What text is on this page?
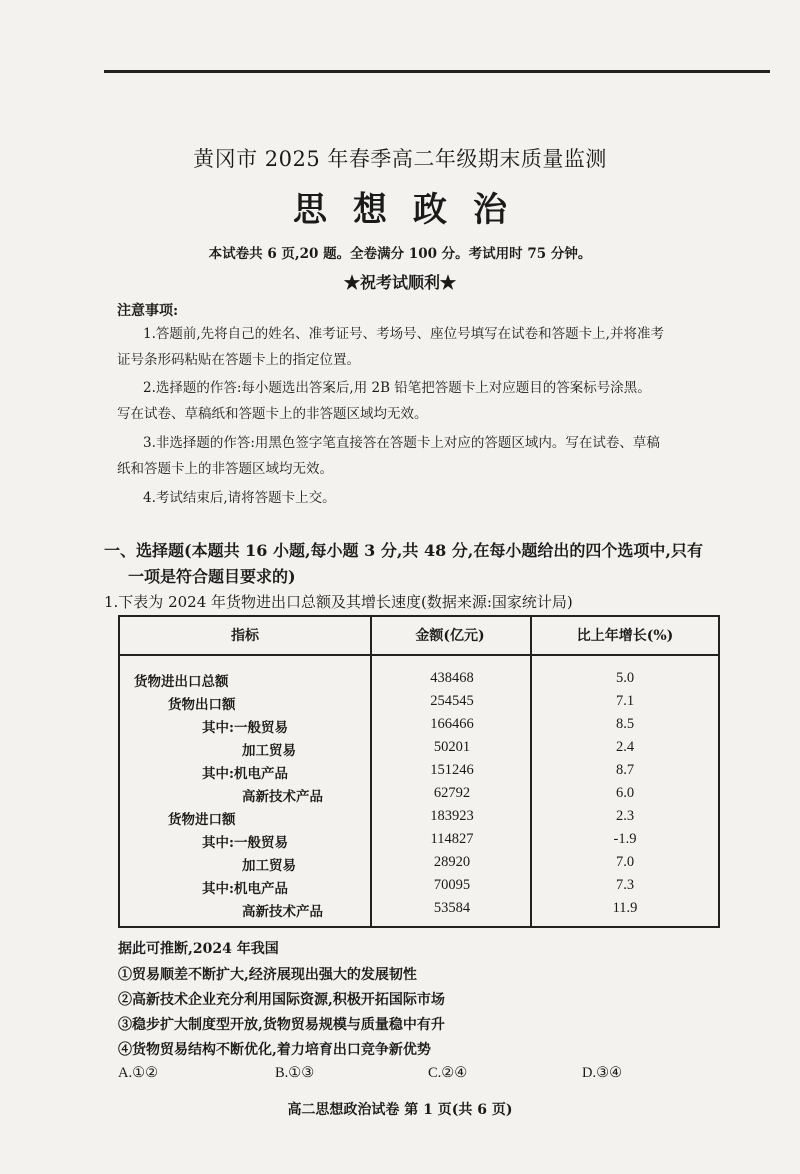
黄冈市 2025 年春季高二年级期末质量监测
思想政治
本试卷共 6 页,20 题。全卷满分 100 分。考试用时 75 分钟。
★祝考试顺利★
注意事项:
1.答题前,先将自己的姓名、准考证号、考场号、座位号填写在试卷和答题卡上,并将准考
证号条形码粘贴在答题卡上的指定位置。
2.选择题的作答:每小题选出答案后,用 2B 铅笔把答题卡上对应题目的答案标号涂黑。
写在试卷、草稿纸和答题卡上的非答题区域均无效。
3.非选择题的作答:用黑色签字笔直接答在答题卡上对应的答题区域内。写在试卷、草稿
纸和答题卡上的非答题区域均无效。
4.考试结束后,请将答题卡上交。
一、选择题(本题共 16 小题,每小题 3 分,共 48 分,在每小题给出的四个选项中,只有
一项是符合题目要求的)
1.下表为 2024 年货物进出口总额及其增长速度(数据来源:国家统计局)
指标	金额(亿元)	比上年增长(%)
货物进出口总额	438468	5.0
货物出口额	254545	7.1
其中:一般贸易	166466	8.5
加工贸易	50201	2.4
其中:机电产品	151246	8.7
高新技术产品	62792	6.0
货物进口额	183923	2.3
其中:一般贸易	114827	-1.9
加工贸易	28920	7.0
其中:机电产品	70095	7.3
高新技术产品	53584	11.9
据此可推断,2024 年我国
①贸易顺差不断扩大,经济展现出强大的发展韧性
②高新技术企业充分利用国际资源,积极开拓国际市场
③稳步扩大制度型开放,货物贸易规模与质量稳中有升
④货物贸易结构不断优化,着力培育出口竞争新优势
A.①②	B.①③	C.②④	D.③④
高二思想政治试卷 第 1 页(共 6 页)
